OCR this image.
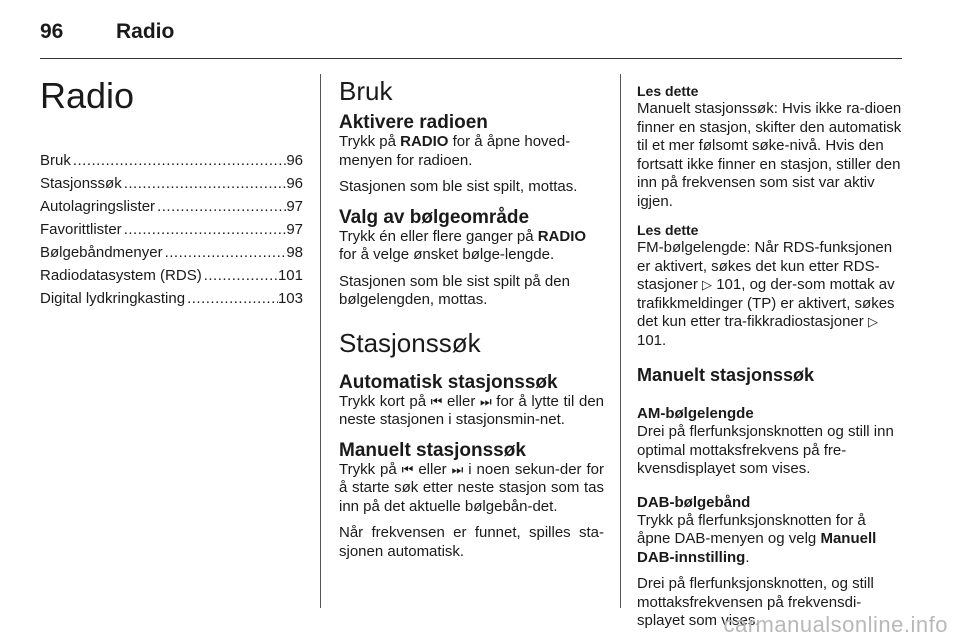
96	Radio
Radio
Bruk .....	96
Stasjonssøk .....	96
Autolagringslister .....	97
Favorittlister .....	97
Bølgebåndmenyer .....	98
Radiodatasystem (RDS) .....	101
Digital lydkringkasting .....	103
Bruk
Aktivere radioen

Trykk på RADIO for å åpne hoved-menyen for radioen.

Stasjonen som ble sist spilt, mottas.

Valg av bølgeområde

Trykk én eller flere ganger på RADIO for å velge ønsket bølge-lengde.

Stasjonen som ble sist spilt på den bølgelengden, mottas.

Stasjonssøk
Automatisk stasjonssøk

Trykk kort på ⏮ eller ⏭ for å lytte til den neste stasjonen i stasjonsmin-net.

Manuelt stasjonssøk

Trykk på ⏮ eller ⏭ i noen sekun-der for å starte søk etter neste stasjon som tas inn på det aktuelle bølgebån-det.

Når frekvensen er funnet, spilles sta-sjonen automatisk.

Les dette
Manuelt stasjonssøk: Hvis ikke ra-dioen finner en stasjon, skifter den automatisk til et mer følsomt søke-nivå. Hvis den fortsatt ikke finner en stasjon, stiller den inn på frekvensen som sist var aktiv igjen.
Les dette
FM-bølgelengde: Når RDS-funksjonen er aktivert, søkes det kun etter RDS-stasjoner ▷ 101, og der-som mottak av trafikkmeldinger (TP) er aktivert, søkes det kun etter tra-fikkradiostasjoner ▷ 101.
Manuelt stasjonssøk
AM-bølgelengde

Drei på flerfunksjonsknotten og still inn optimal mottaksfrekvens på fre-kvensdisplayet som vises.

DAB-bølgebånd

Trykk på flerfunksjonsknotten for å åpne DAB-menyen og velg Manuell DAB-innstilling.

Drei på flerfunksjonsknotten, og still mottaksfrekvensen på frekvensdi-splayet som vises.

carmanualsonline.info
